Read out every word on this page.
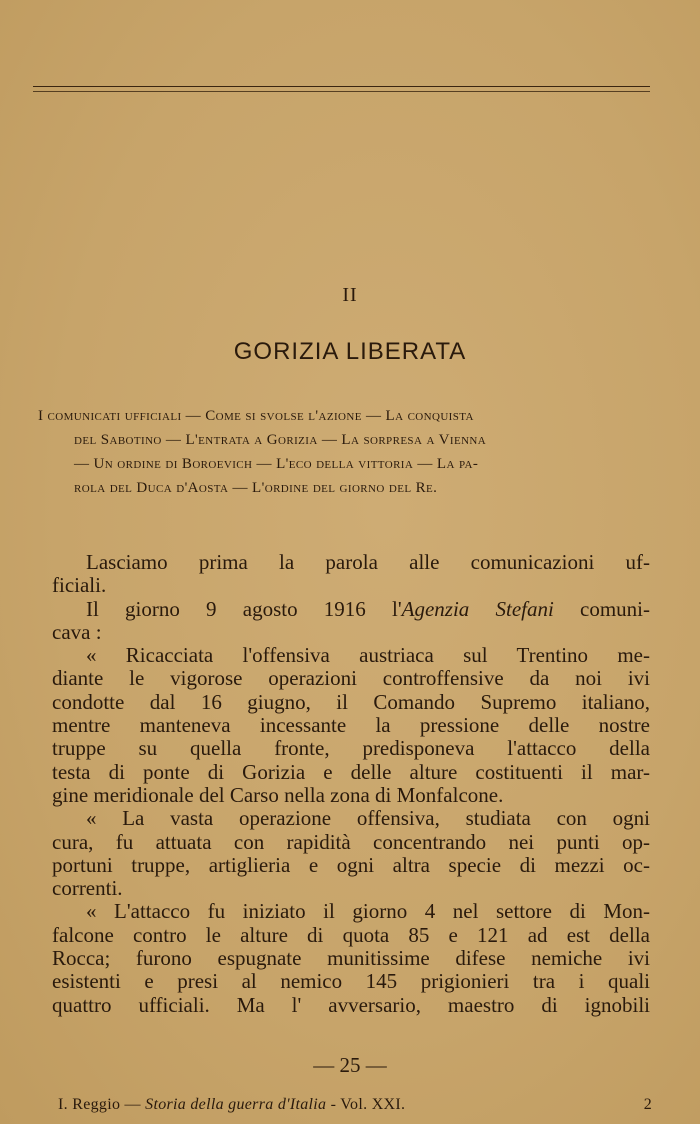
II
GORIZIA LIBERATA
I comunicati ufficiali — Come si svolse l'azione — La conquista
del Sabotino — L'entrata a Gorizia — La sorpresa a Vienna
— Un ordine di Boroevich — L'eco della vittoria — La pa-
rola del Duca d'Aosta — L'ordine del giorno del Re.
Lasciamo prima la parola alle comunicazioni uf-
ficiali.
Il giorno 9 agosto 1916 l'Agenzia Stefani comuni-
cava :
« Ricacciata l'offensiva austriaca sul Trentino me-
diante le vigorose operazioni controffensive da noi ivi
condotte dal 16 giugno, il Comando Supremo italiano,
mentre manteneva incessante la pressione delle nostre
truppe su quella fronte, predisponeva l'attacco della
testa di ponte di Gorizia e delle alture costituenti il mar-
gine meridionale del Carso nella zona di Monfalcone.
« La vasta operazione offensiva, studiata con ogni
cura, fu attuata con rapidità concentrando nei punti op-
portuni truppe, artiglieria e ogni altra specie di mezzi oc-
correnti.
« L'attacco fu iniziato il giorno 4 nel settore di Mon-
falcone contro le alture di quota 85 e 121 ad est della
Rocca; furono espugnate munitissime difese nemiche ivi
esistenti e presi al nemico 145 prigionieri tra i quali
quattro ufficiali. Ma l' avversario, maestro di ignobili
— 25 —
I. Reggio — Storia della guerra d'Italia - Vol. XXI.	2
